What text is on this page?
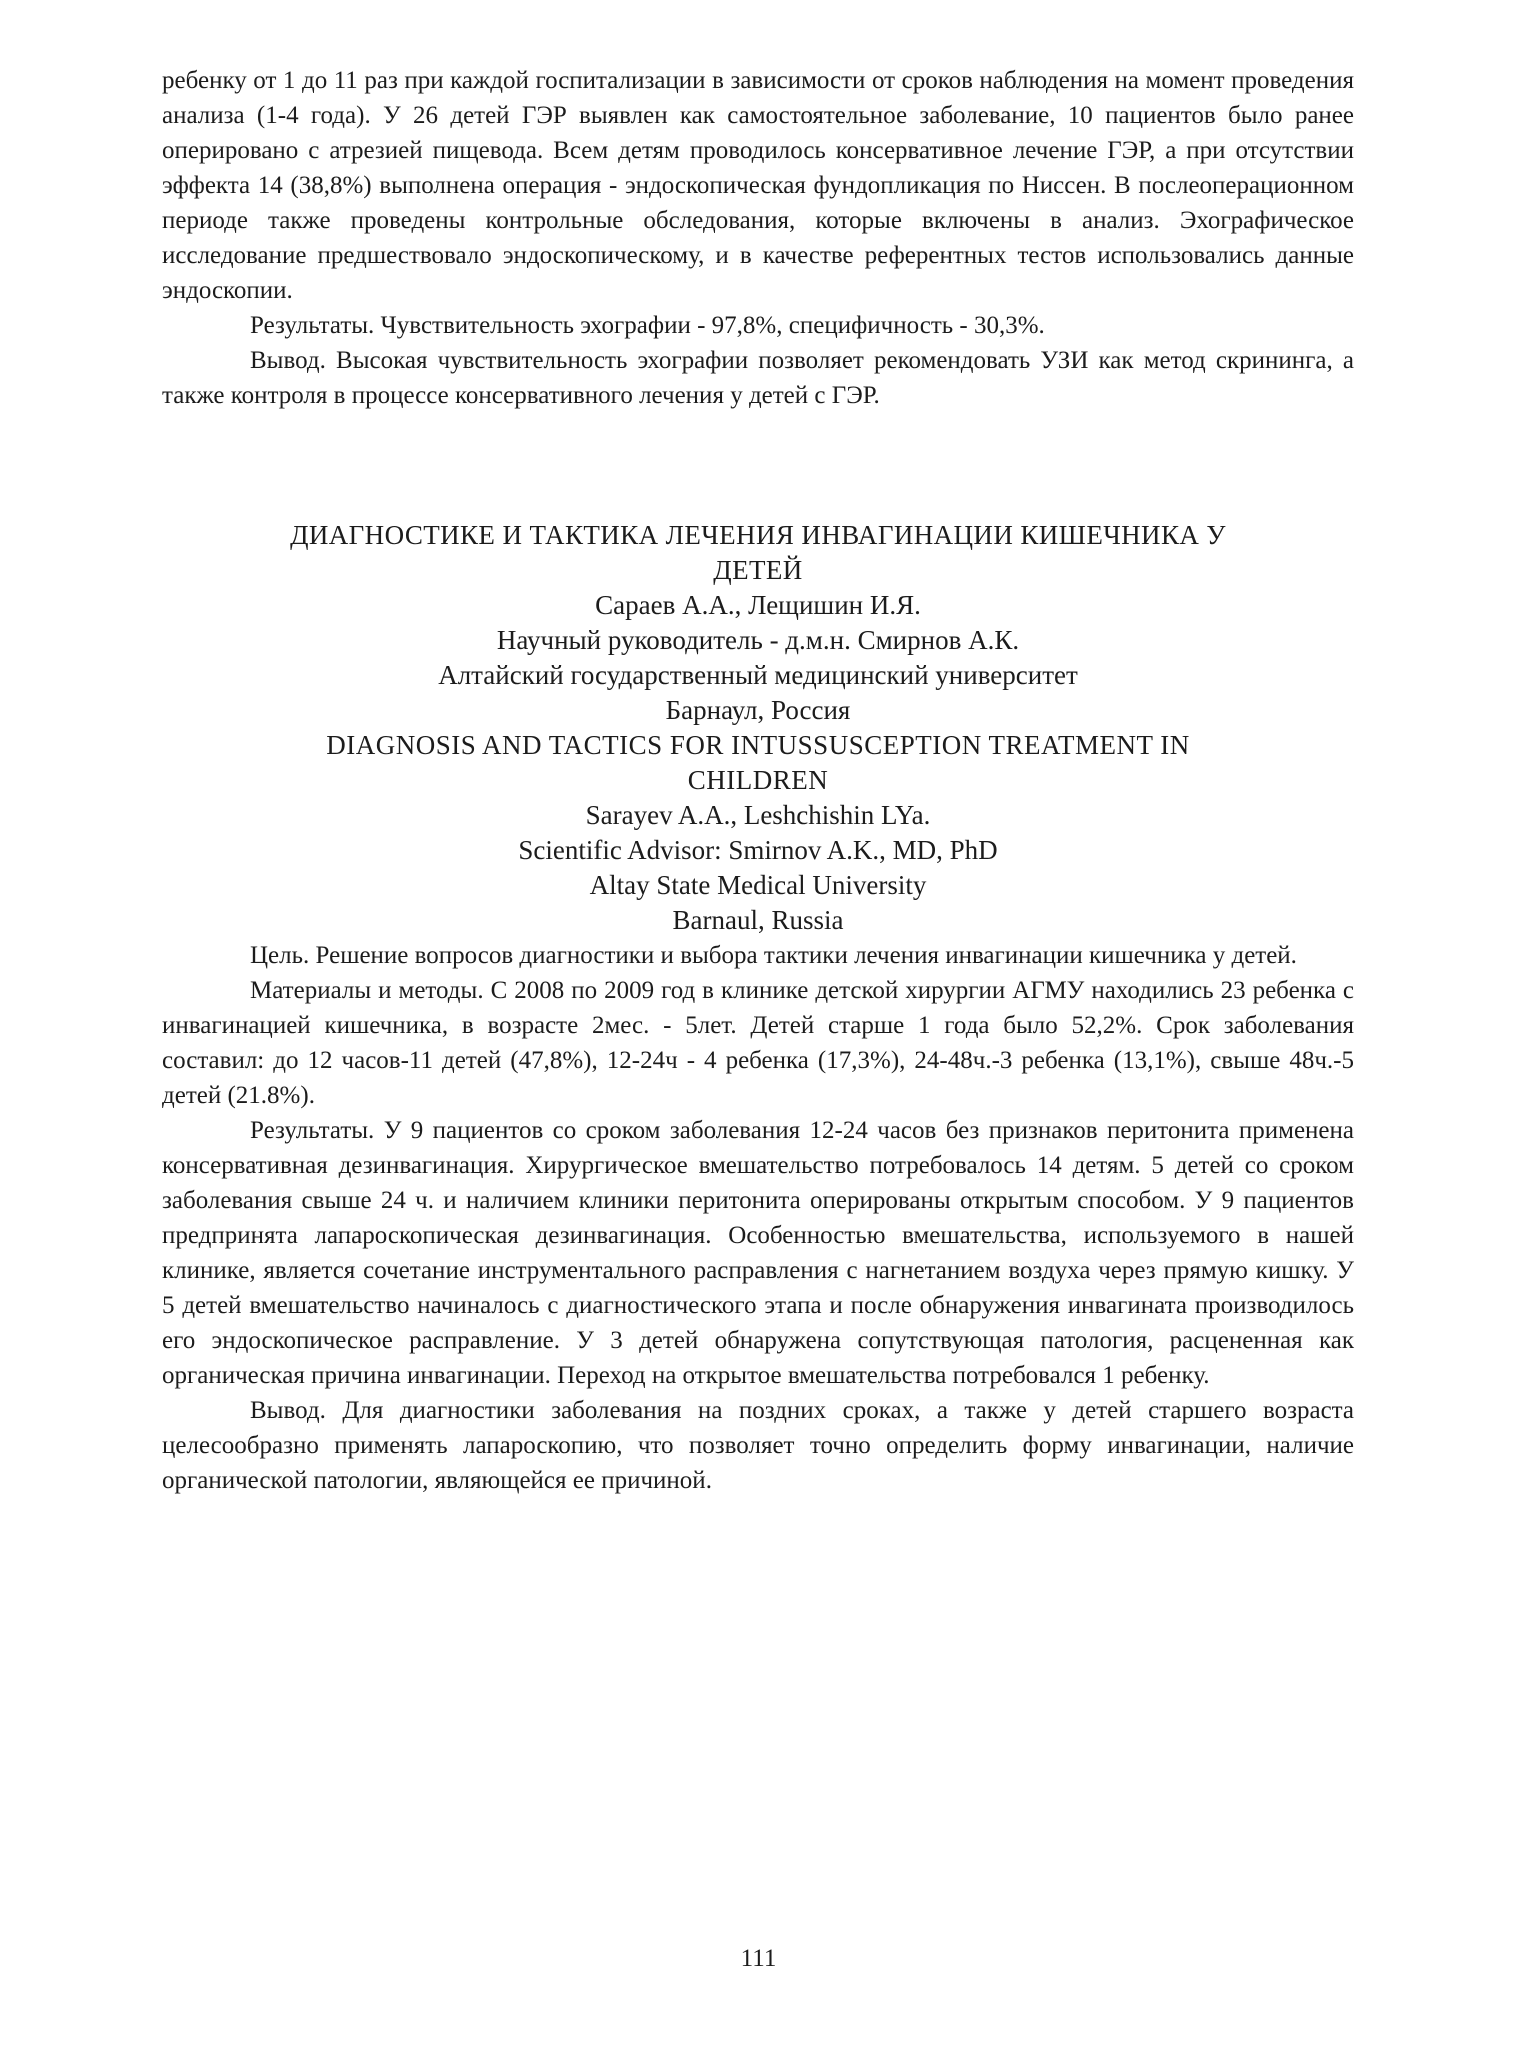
ребенку от 1 до 11 раз при каждой госпитализации в зависимости от сроков наблюдения на момент проведения анализа (1-4 года). У 26 детей ГЭР выявлен как самостоятельное заболевание, 10 пациентов было ранее оперировано с атрезией пищевода. Всем детям проводилось консервативное лечение ГЭР, а при отсутствии эффекта 14 (38,8%) выполнена операция - эндоскопическая фундопликация по Ниссен. В послеоперационном периоде также проведены контрольные обследования, которые включены в анализ. Эхографическое исследование предшествовало эндоскопическому, и в качестве референтных тестов использовались данные эндоскопии.

Результаты. Чувствительность эхографии - 97,8%, специфичность - 30,3%.

Вывод. Высокая чувствительность эхографии позволяет рекомендовать УЗИ как метод скрининга, а также контроля в процессе консервативного лечения у детей с ГЭР.

ДИАГНОСТИКЕ И ТАКТИКА ЛЕЧЕНИЯ ИНВАГИНАЦИИ КИШЕЧНИКА У
ДЕТЕЙ
Сараев А.А., Лещишин И.Я.
Научный руководитель - д.м.н. Смирнов А.К.
Алтайский государственный медицинский университет
Барнаул, Россия
DIAGNOSIS AND TACTICS FOR INTUSSUSCEPTION TREATMENT IN
CHILDREN
Sarayev A.A., Leshchishin LYa.
Scientific Advisor: Smirnov A.K., MD, PhD
Altay State Medical University
Barnaul, Russia

Цель. Решение вопросов диагностики и выбора тактики лечения инвагинации кишечника у детей.

Материалы и методы. С 2008 по 2009 год в клинике детской хирургии АГМУ находились 23 ребенка с инвагинацией кишечника, в возрасте 2мес. - 5лет. Детей старше 1 года было 52,2%. Срок заболевания составил: до 12 часов-11 детей (47,8%), 12-24ч - 4 ребенка (17,3%), 24-48ч.-3 ребенка (13,1%), свыше 48ч.-5 детей (21.8%).

Результаты. У 9 пациентов со сроком заболевания 12-24 часов без признаков перитонита применена консервативная дезинвагинация. Хирургическое вмешательство потребовалось 14 детям. 5 детей со сроком заболевания свыше 24 ч. и наличием клиники перитонита оперированы открытым способом. У 9 пациентов предпринята лапароскопическая дезинвагинация. Особенностью вмешательства, используемого в нашей клинике, является сочетание инструментального расправления с нагнетанием воздуха через прямую кишку. У 5 детей вмешательство начиналось с диагностического этапа и после обнаружения инвагината производилось его эндоскопическое расправление. У 3 детей обнаружена сопутствующая патология, расцененная как органическая причина инвагинации. Переход на открытое вмешательства потребовался 1 ребенку.

Вывод. Для диагностики заболевания на поздних сроках, а также у детей старшего возраста целесообразно применять лапароскопию, что позволяет точно определить форму инвагинации, наличие органической патологии, являющейся ее причиной.

111
